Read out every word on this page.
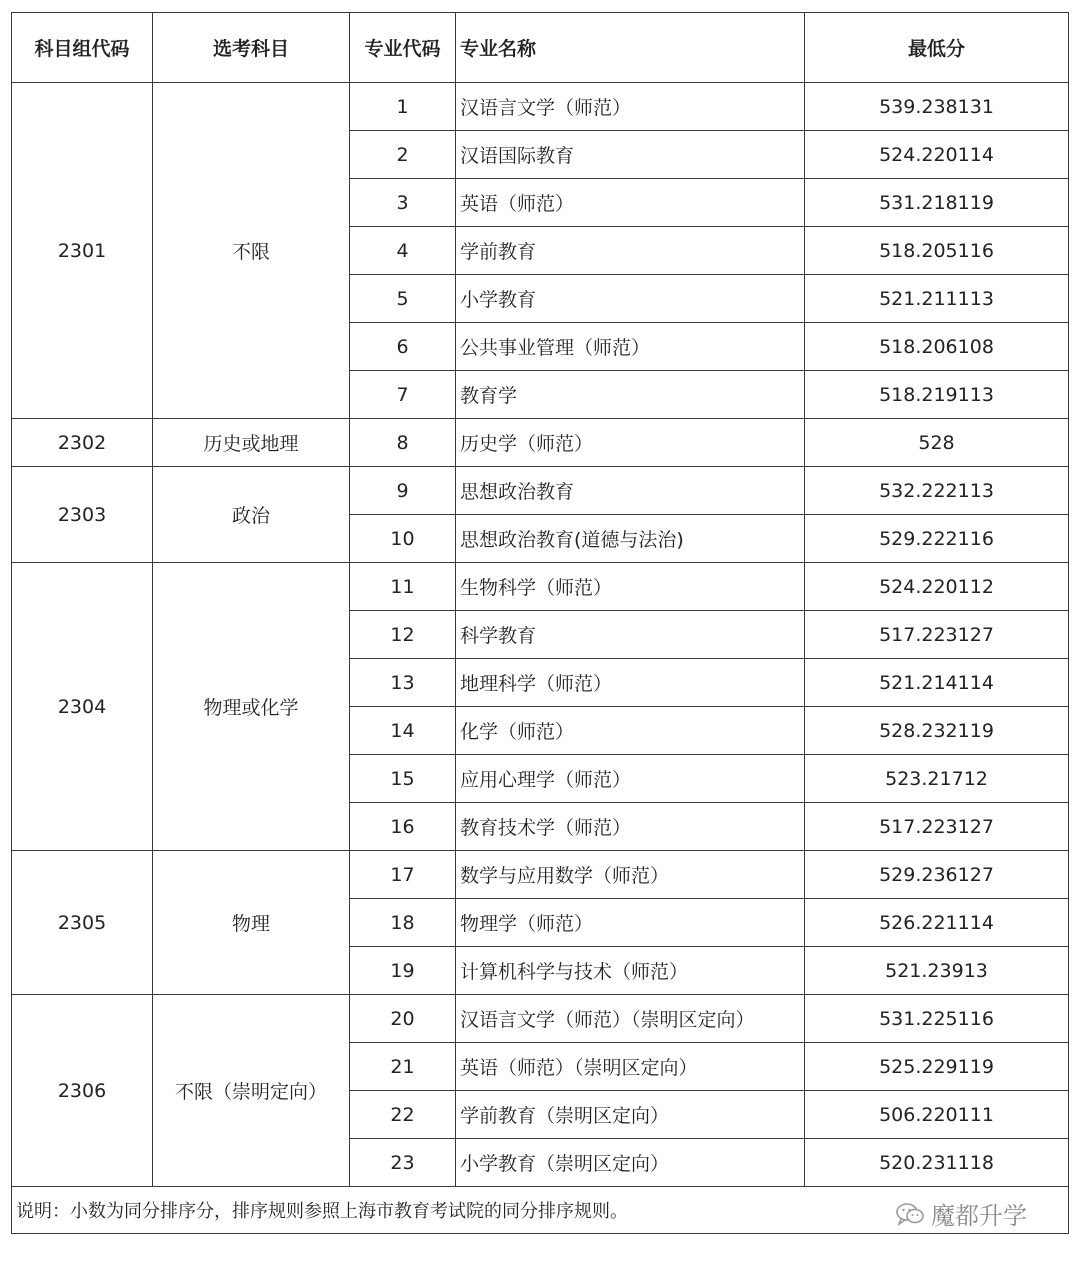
科目组代码	选考科目	专业代码	专业名称	最低分
2301	不限	1	汉语言文学（师范）	539.238131
		2	汉语国际教育	524.220114
		3	英语（师范）	531.218119
		4	学前教育	518.205116
		5	小学教育	521.211113
		6	公共事业管理（师范）	518.206108
		7	教育学	518.219113
2302	历史或地理	8	历史学（师范）	528
2303	政治	9	思想政治教育	532.222113
		10	思想政治教育(道德与法治)	529.222116
2304	物理或化学	11	生物科学（师范）	524.220112
		12	科学教育	517.223127
		13	地理科学（师范）	521.214114
		14	化学（师范）	528.232119
		15	应用心理学（师范）	523.21712
		16	教育技术学（师范）	517.223127
2305	物理	17	数学与应用数学（师范）	529.236127
		18	物理学（师范）	526.221114
		19	计算机科学与技术（师范）	521.23913
2306	不限（崇明定向）	20	汉语言文学（师范）（崇明区定向）	531.225116
		21	英语（师范）（崇明区定向）	525.229119
		22	学前教育（崇明区定向）	506.220111
		23	小学教育（崇明区定向）	520.231118
说明：小数为同分排序分，排序规则参照上海市教育考试院的同分排序规则。					魔都升学
